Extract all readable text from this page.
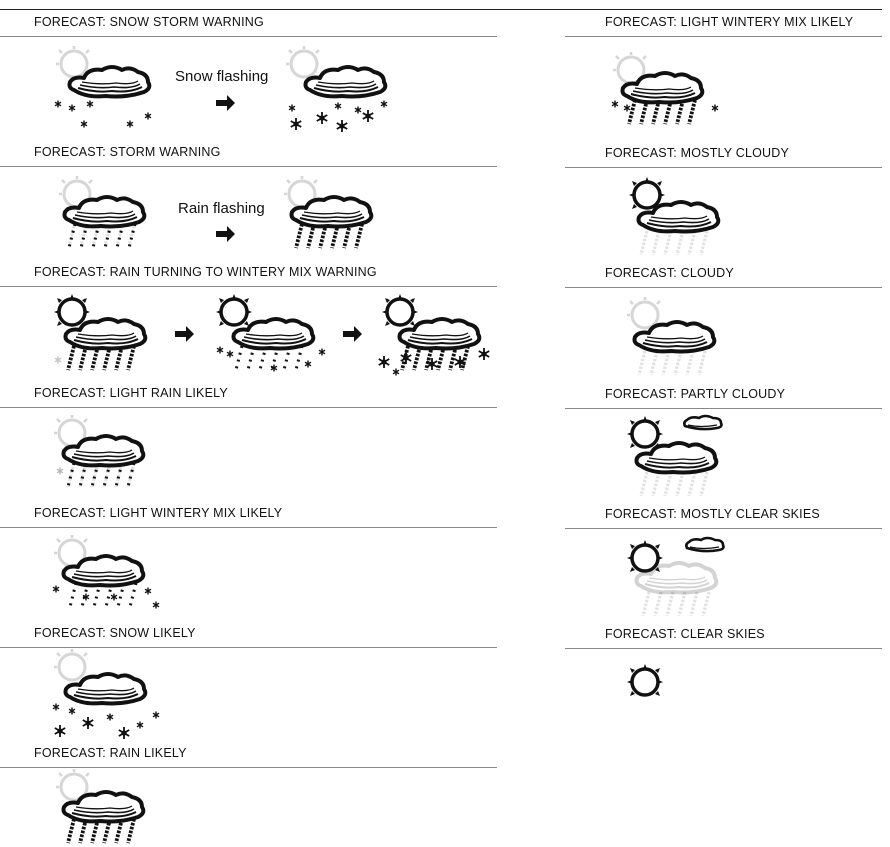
FORECAST: SNOW STORM WARNING
Snow flashing
FORECAST: STORM WARNING
Rain flashing
FORECAST: RAIN TURNING TO WINTERY MIX WARNING
FORECAST: LIGHT RAIN LIKELY
FORECAST: LIGHT WINTERY MIX LIKELY
FORECAST: SNOW LIKELY
FORECAST: RAIN LIKELY
FORECAST: LIGHT WINTERY MIX LIKELY
FORECAST: MOSTLY CLOUDY
FORECAST: CLOUDY
FORECAST: PARTLY CLOUDY
FORECAST: MOSTLY CLEAR SKIES
FORECAST: CLEAR SKIES
